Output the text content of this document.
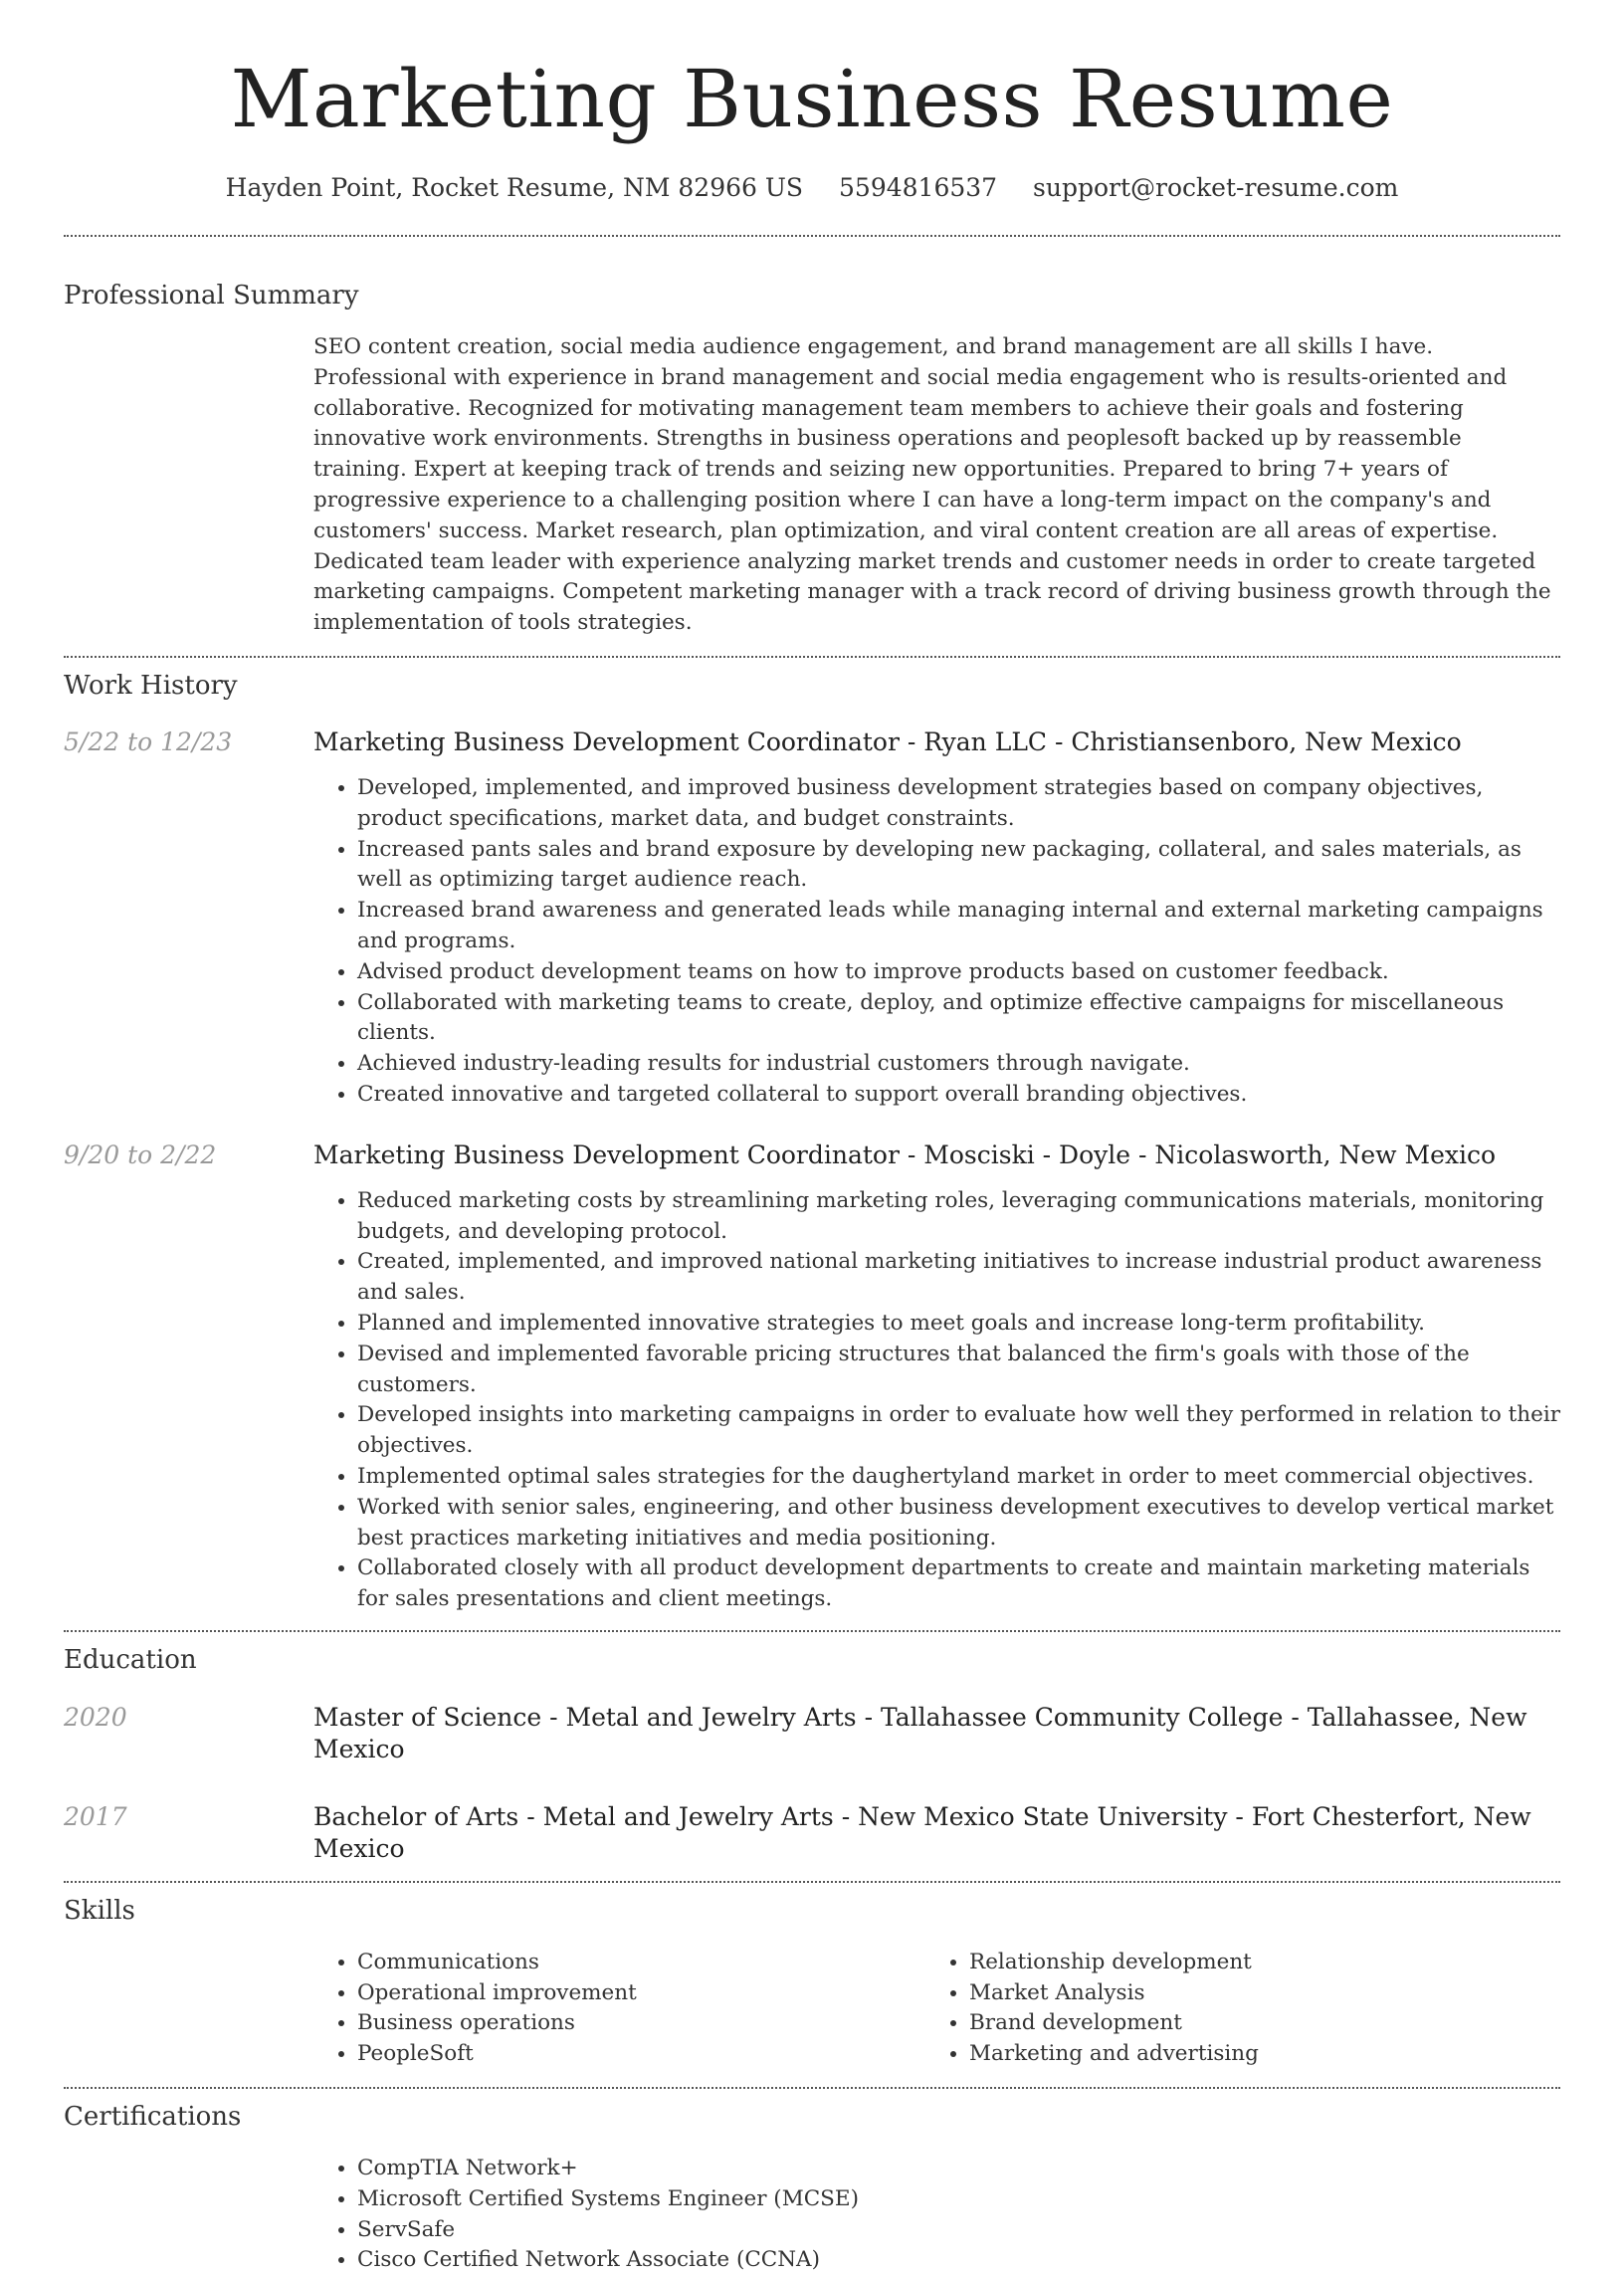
Marketing Business Resume
Hayden Point, Rocket Resume, NM 82966 US 5594816537 support@rocket-resume.com
Professional Summary
SEO content creation, social media audience engagement, and brand management are all skills I have. Professional with experience in brand management and social media engagement who is results-oriented and collaborative. Recognized for motivating management team members to achieve their goals and fostering innovative work environments. Strengths in business operations and peoplesoft backed up by reassemble training. Expert at keeping track of trends and seizing new opportunities. Prepared to bring 7+ years of progressive experience to a challenging position where I can have a long-term impact on the company's and customers' success. Market research, plan optimization, and viral content creation are all areas of expertise. Dedicated team leader with experience analyzing market trends and customer needs in order to create targeted marketing campaigns. Competent marketing manager with a track record of driving business growth through the implementation of tools strategies.
Work History
5/22 to 12/23	Marketing Business Development Coordinator - Ryan LLC - Christiansenboro, New Mexico
• Developed, implemented, and improved business development strategies based on company objectives, product specifications, market data, and budget constraints.
• Increased pants sales and brand exposure by developing new packaging, collateral, and sales materials, as well as optimizing target audience reach.
• Increased brand awareness and generated leads while managing internal and external marketing campaigns and programs.
• Advised product development teams on how to improve products based on customer feedback.
• Collaborated with marketing teams to create, deploy, and optimize effective campaigns for miscellaneous clients.
• Achieved industry-leading results for industrial customers through navigate.
• Created innovative and targeted collateral to support overall branding objectives.
9/20 to 2/22	Marketing Business Development Coordinator - Mosciski - Doyle - Nicolasworth, New Mexico
• Reduced marketing costs by streamlining marketing roles, leveraging communications materials, monitoring budgets, and developing protocol.
• Created, implemented, and improved national marketing initiatives to increase industrial product awareness and sales.
• Planned and implemented innovative strategies to meet goals and increase long-term profitability.
• Devised and implemented favorable pricing structures that balanced the firm's goals with those of the customers.
• Developed insights into marketing campaigns in order to evaluate how well they performed in relation to their objectives.
• Implemented optimal sales strategies for the daughertyland market in order to meet commercial objectives.
• Worked with senior sales, engineering, and other business development executives to develop vertical market best practices marketing initiatives and media positioning.
• Collaborated closely with all product development departments to create and maintain marketing materials for sales presentations and client meetings.
Education
2020	Master of Science - Metal and Jewelry Arts - Tallahassee Community College - Tallahassee, New Mexico
2017	Bachelor of Arts - Metal and Jewelry Arts - New Mexico State University - Fort Chesterfort, New Mexico
Skills
• Communications
• Operational improvement
• Business operations
• PeopleSoft
• Relationship development
• Market Analysis
• Brand development
• Marketing and advertising
Certifications
• CompTIA Network+
• Microsoft Certified Systems Engineer (MCSE)
• ServSafe
• Cisco Certified Network Associate (CCNA)
